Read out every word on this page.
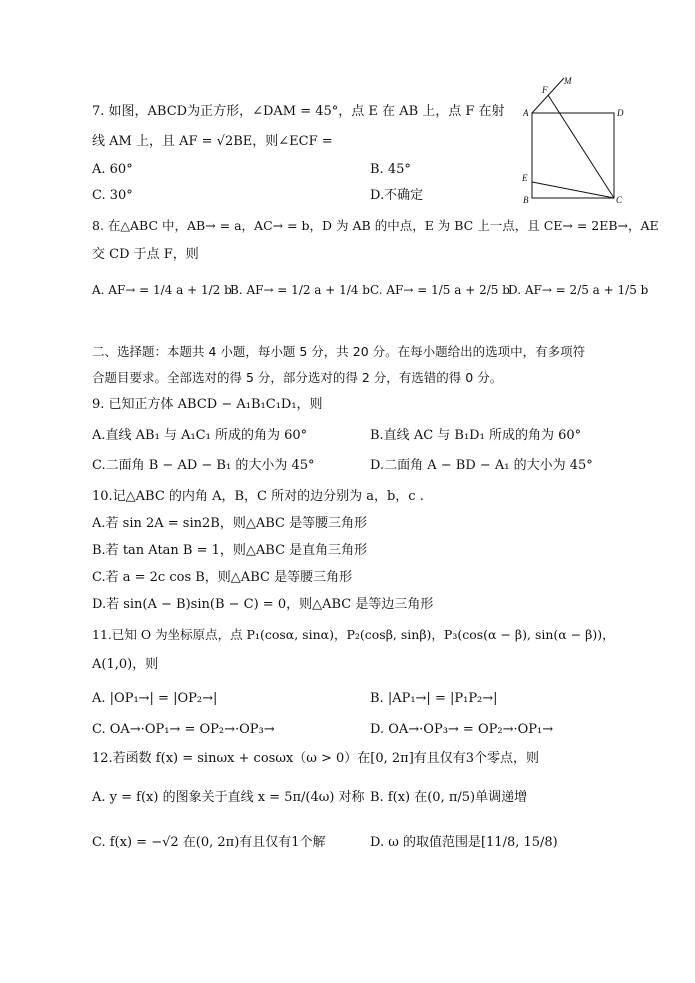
M
F
A	D
E
B	C
7. 如图，ABCD为正方形，∠DAM = 45°，点 E 在 AB 上，点 F 在射
线 AM 上，且 AF = √2BE，则∠ECF =
A. 60°	B. 45°
C. 30°	D.不确定
8. 在△ABC 中，AB→ = a，AC→ = b，D 为 AB 的中点，E 为 BC 上一点，且 CE→ = 2EB→，AE
交 CD 于点 F，则
A. AF→ = 1/4 a + 1/2 b
B. AF→ = 1/2 a + 1/4 b C. AF→ = 1/5 a + 2/5 b
D. AF→ = 2/5 a + 1/5 b
二、选择题：本题共 4 小题，每小题 5 分，共 20 分。在每小题给出的选项中，有多项符
合题目要求。全部选对的得 5 分，部分选对的得 2 分，有选错的得 0 分。
9. 已知正方体 ABCD − A₁B₁C₁D₁，则
A.直线 AB₁ 与 A₁C₁ 所成的角为 60°	B.直线 AC 与 B₁D₁ 所成的角为 60°
C.二面角 B − AD − B₁ 的大小为 45°	D.二面角 A − BD − A₁ 的大小为 45°
10.记△ABC 的内角 A，B，C 所对的边分别为 a，b，c .
A.若 sin 2A = sin2B，则△ABC 是等腰三角形
B.若 tan Atan B = 1，则△ABC 是直角三角形
C.若 a = 2c cos B，则△ABC 是等腰三角形
D.若 sin(A − B)sin(B − C) = 0，则△ABC 是等边三角形
11.已知 O 为坐标原点，点 P₁(cosα, sinα)，P₂(cosβ, sinβ)，P₃(cos(α − β), sin(α − β))，
A(1,0)，则
A. |OP₁→| = |OP₂→|	B. |AP₁→| = |P₁P₂→|
C. OA→·OP₁→ = OP₂→·OP₃→	D. OA→·OP₃→ = OP₂→·OP₁→
12.若函数 f(x) = sinωx + cosωx（ω > 0）在[0, 2π]有且仅有3个零点，则
A. y = f(x) 的图象关于直线 x = 5π/(4ω) 对称 B. f(x) 在(0, π/5)单调递增
C. f(x) = −√2 在(0, 2π)有且仅有1个解	D. ω 的取值范围是[11/8, 15/8)
